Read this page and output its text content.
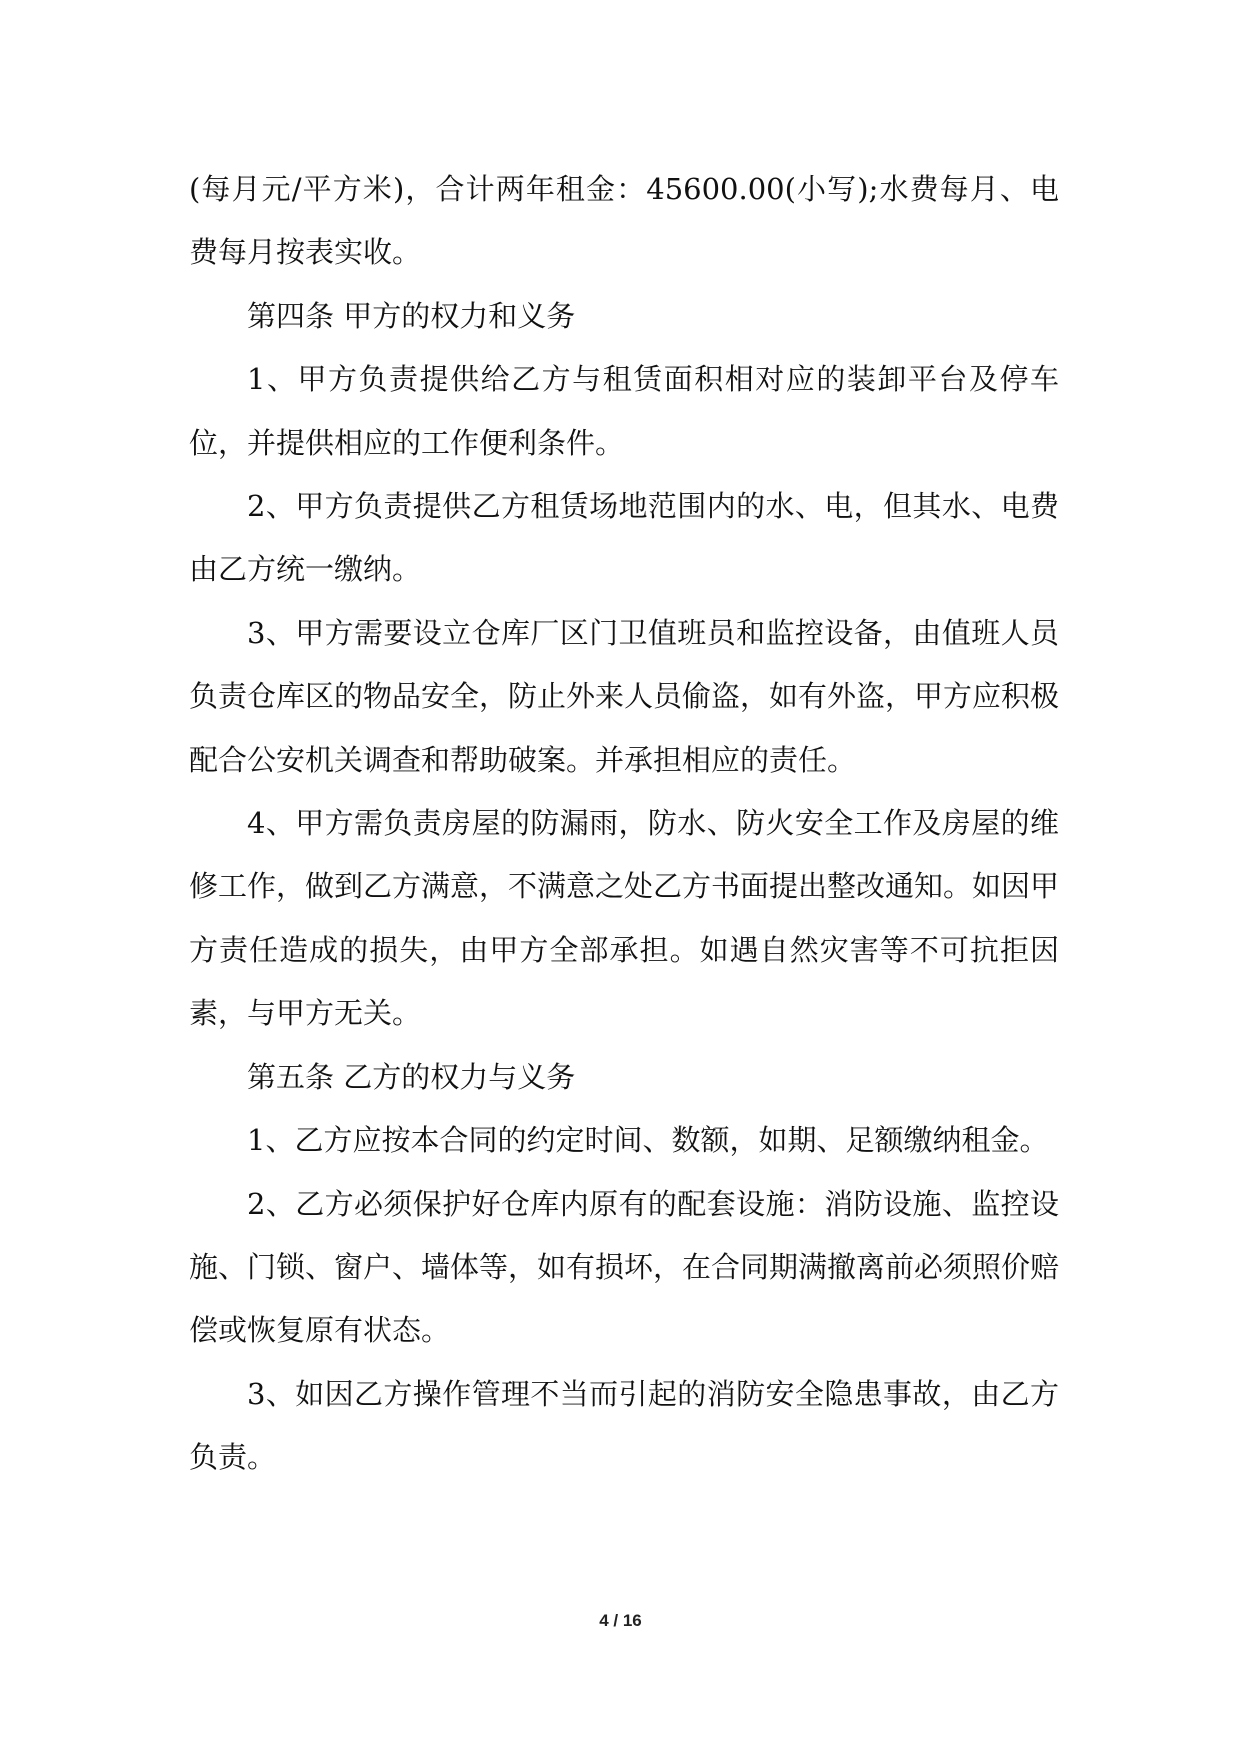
(每月元/平方米)，合计两年租金：45600.00(小写);水费每月、电费每月按表实收。

第四条 甲方的权力和义务

1、甲方负责提供给乙方与租赁面积相对应的装卸平台及停车位，并提供相应的工作便利条件。

2、甲方负责提供乙方租赁场地范围内的水、电，但其水、电费由乙方统一缴纳。

3、甲方需要设立仓库厂区门卫值班员和监控设备，由值班人员负责仓库区的物品安全，防止外来人员偷盗，如有外盗，甲方应积极配合公安机关调查和帮助破案。并承担相应的责任。

4、甲方需负责房屋的防漏雨，防水、防火安全工作及房屋的维修工作，做到乙方满意，不满意之处乙方书面提出整改通知。如因甲方责任造成的损失，由甲方全部承担。如遇自然灾害等不可抗拒因素，与甲方无关。

第五条 乙方的权力与义务

1、乙方应按本合同的约定时间、数额，如期、足额缴纳租金。

2、乙方必须保护好仓库内原有的配套设施：消防设施、监控设施、门锁、窗户、墙体等，如有损坏，在合同期满撤离前必须照价赔偿或恢复原有状态。

3、如因乙方操作管理不当而引起的消防安全隐患事故，由乙方负责。

4 / 16
